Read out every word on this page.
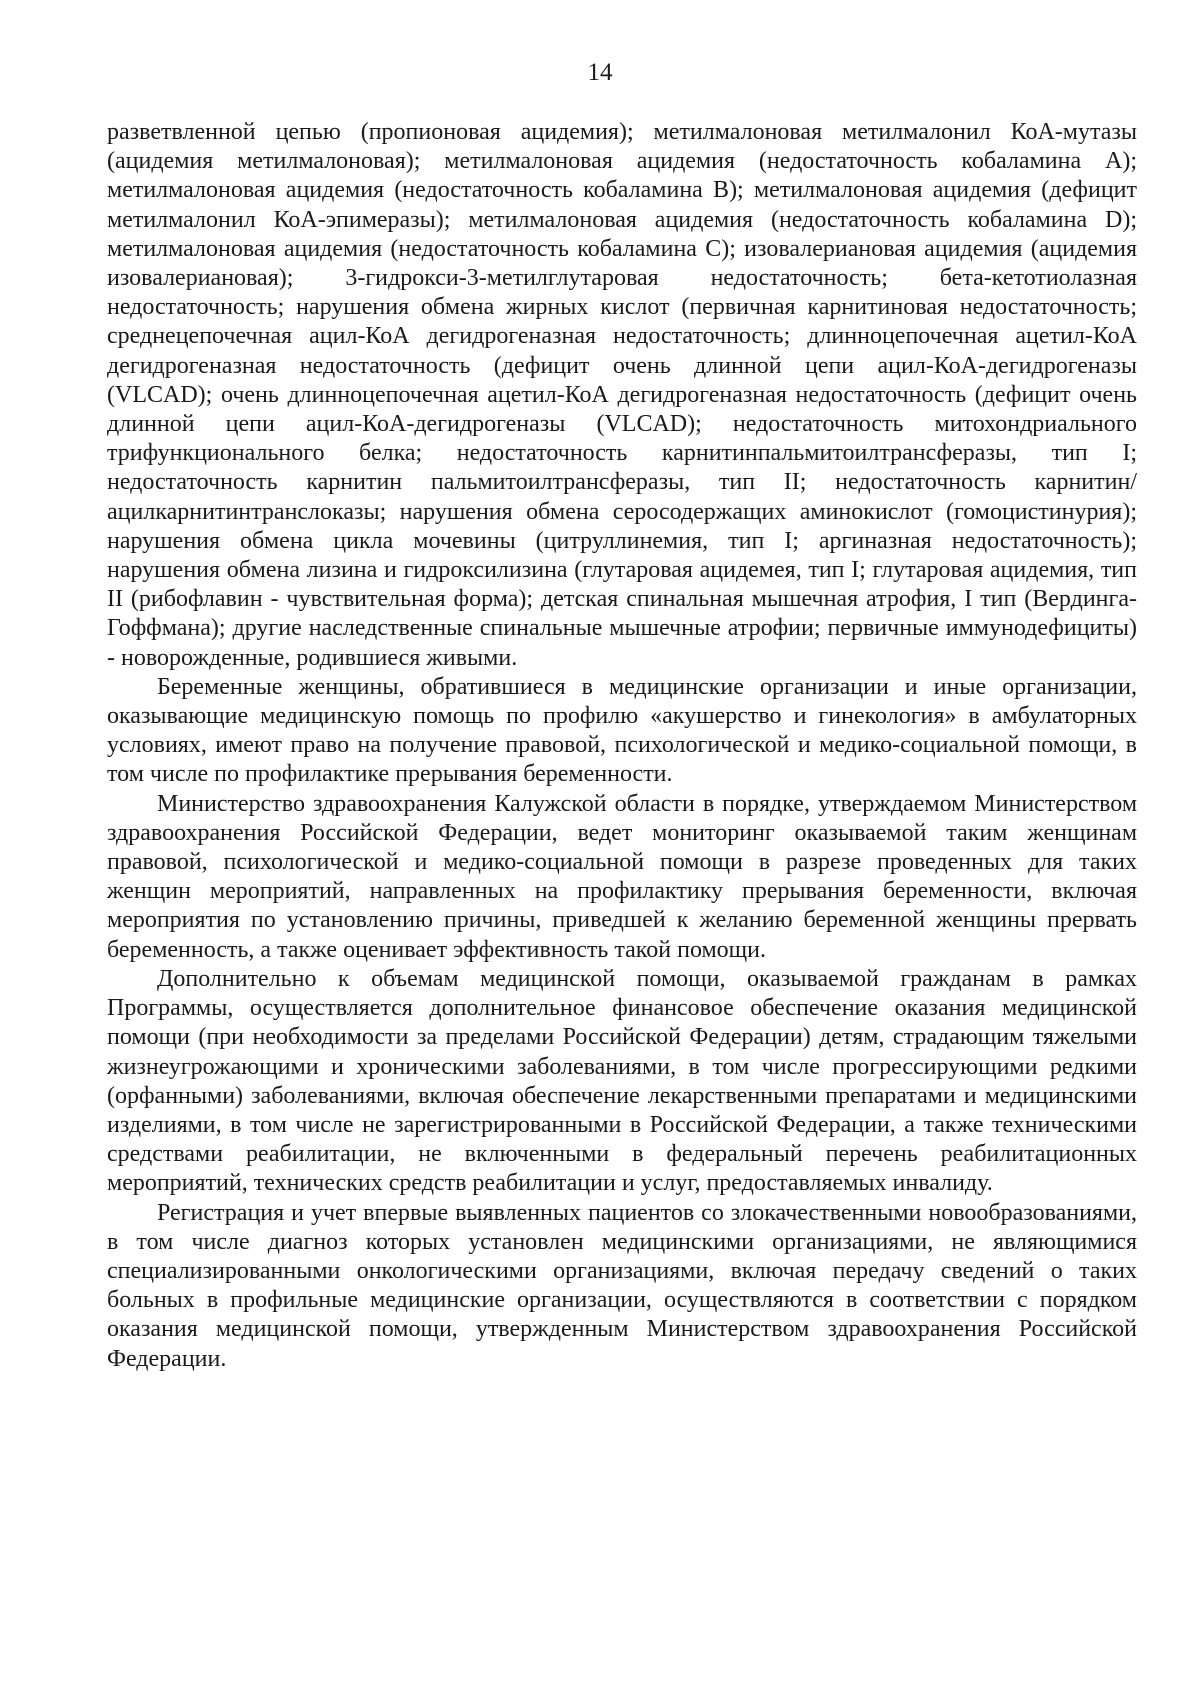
14

разветвленной цепью (пропионовая ацидемия); метилмалоновая метилмалонил КоА-мутазы (ацидемия метилмалоновая); метилмалоновая ацидемия (недостаточность кобаламина А); метилмалоновая ацидемия (недостаточность кобаламина В); метилмалоновая ацидемия (дефицит метилмалонил КоА-эпимеразы); метилмалоновая ацидемия (недостаточность кобаламина D); метилмалоновая ацидемия (недостаточность кобаламина С); изовалериановая ацидемия (ацидемия изовалериановая); 3-гидрокси-3-метилглутаровая недостаточность; бета-кетотиолазная недостаточность; нарушения обмена жирных кислот (первичная карнитиновая недостаточность; среднецепочечная ацил-КоА дегидрогеназная недостаточность; длинноцепочечная ацетил-КоА дегидрогеназная недостаточность (дефицит очень длинной цепи ацил-КоА-дегидрогеназы (VLCAD); очень длинноцепочечная ацетил-КоА дегидрогеназная недостаточность (дефицит очень длинной цепи ацил-КоА-дегидрогеназы (VLCAD); недостаточность митохондриального трифункционального белка; недостаточность карнитинпальмитоилтрансферазы, тип I; недостаточность карнитин пальмитоилтрансферазы, тип II; недостаточность карнитин/ацилкарнитинтранслоказы; нарушения обмена серосодержащих аминокислот (гомоцистинурия); нарушения обмена цикла мочевины (цитруллинемия, тип I; аргиназная недостаточность); нарушения обмена лизина и гидроксилизина (глутаровая ацидемея, тип I; глутаровая ацидемия, тип II (рибофлавин - чувствительная форма); детская спинальная мышечная атрофия, I тип (Вердинга-Гоффмана); другие наследственные спинальные мышечные атрофии; первичные иммунодефициты) - новорожденные, родившиеся живыми.

Беременные женщины, обратившиеся в медицинские организации и иные организации, оказывающие медицинскую помощь по профилю «акушерство и гинекология» в амбулаторных условиях, имеют право на получение правовой, психологической и медико-социальной помощи, в том числе по профилактике прерывания беременности.

Министерство здравоохранения Калужской области в порядке, утверждаемом Министерством здравоохранения Российской Федерации, ведет мониторинг оказываемой таким женщинам правовой, психологической и медико-социальной помощи в разрезе проведенных для таких женщин мероприятий, направленных на профилактику прерывания беременности, включая мероприятия по установлению причины, приведшей к желанию беременной женщины прервать беременность, а также оценивает эффективность такой помощи.

Дополнительно к объемам медицинской помощи, оказываемой гражданам в рамках Программы, осуществляется дополнительное финансовое обеспечение оказания медицинской помощи (при необходимости за пределами Российской Федерации) детям, страдающим тяжелыми жизнеугрожающими и хроническими заболеваниями, в том числе прогрессирующими редкими (орфанными) заболеваниями, включая обеспечение лекарственными препаратами и медицинскими изделиями, в том числе не зарегистрированными в Российской Федерации, а также техническими средствами реабилитации, не включенными в федеральный перечень реабилитационных мероприятий, технических средств реабилитации и услуг, предоставляемых инвалиду.

Регистрация и учет впервые выявленных пациентов со злокачественными новообразованиями, в том числе диагноз которых установлен медицинскими организациями, не являющимися специализированными онкологическими организациями, включая передачу сведений о таких больных в профильные медицинские организации, осуществляются в соответствии с порядком оказания медицинской помощи, утвержденным Министерством здравоохранения Российской Федерации.
